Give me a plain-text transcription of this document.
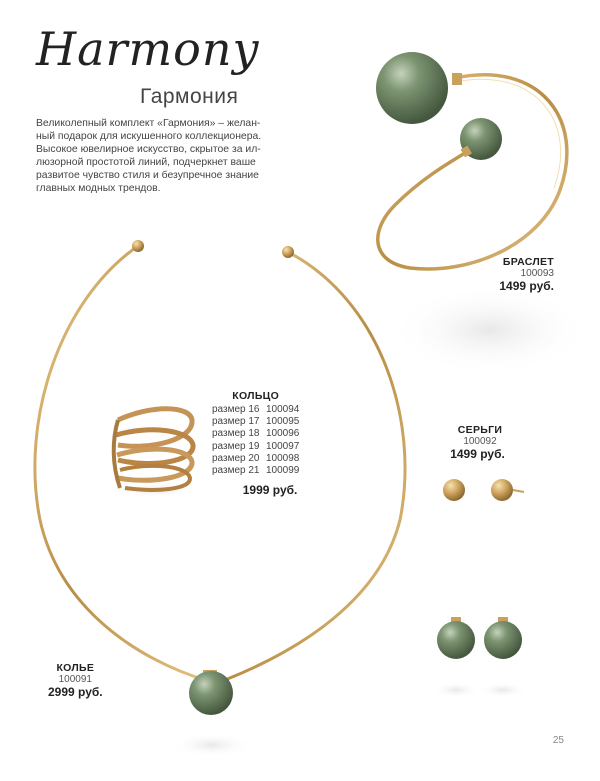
Harmony
Гармония
Великолепный комплект «Гармония» – желан-
ный подарок для искушенного коллекционера.
Высокое ювелирное искусство, скрытое за ил-
люзорной простотой линий, подчеркнет ваше
развитое чувство стиля и безупречное знание
главных модных трендов.
БРАСЛЕТ
100093
1499 руб.
КОЛЬЦО
размер 16 100094
размер 17 100095
размер 18 100096
размер 19 100097
размер 20 100098
размер 21 100099
1999 руб.
СЕРЬГИ
100092
1499 руб.
КОЛЬЕ
100091
2999 руб.
25
